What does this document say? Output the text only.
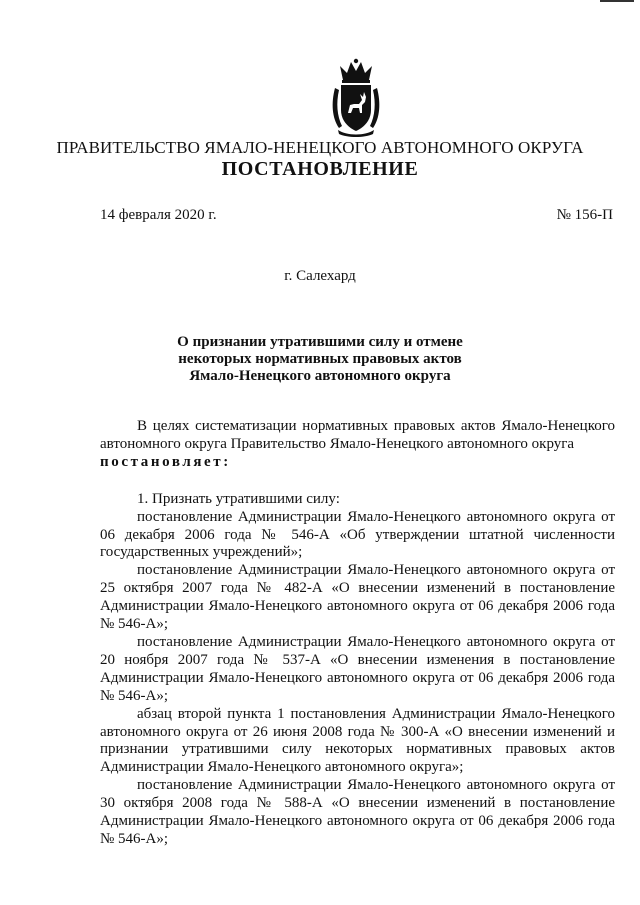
ПРАВИТЕЛЬСТВО ЯМАЛО-НЕНЕЦКОГО АВТОНОМНОГО ОКРУГА
ПОСТАНОВЛЕНИЕ
14 февраля 2020 г.	№ 156-П
г. Салехард
О признании утратившими силу и отмене
некоторых нормативных правовых актов
Ямало-Ненецкого автономного округа

В целях систематизации нормативных правовых актов Ямало-Ненецкого автономного округа Правительство Ямало-Ненецкого автономного округа

постановляет:

1. Признать утратившими силу:

постановление Администрации Ямало-Ненецкого автономного округа от 06 декабря 2006 года № 546-А «Об утверждении штатной численности государственных учреждений»;

постановление Администрации Ямало-Ненецкого автономного округа от 25 октября 2007 года № 482-А «О внесении изменений в постановление Администрации Ямало-Ненецкого автономного округа от 06 декабря 2006 года № 546-А»;

постановление Администрации Ямало-Ненецкого автономного округа от 20 ноября 2007 года № 537-А «О внесении изменения в постановление Администрации Ямало-Ненецкого автономного округа от 06 декабря 2006 года № 546-А»;

абзац второй пункта 1 постановления Администрации Ямало-Ненецкого автономного округа от 26 июня 2008 года № 300-А «О внесении изменений и признании утратившими силу некоторых нормативных правовых актов Администрации Ямало-Ненецкого автономного округа»;

постановление Администрации Ямало-Ненецкого автономного округа от 30 октября 2008 года № 588-А «О внесении изменений в постановление Администрации Ямало-Ненецкого автономного округа от 06 декабря 2006 года № 546-А»;
